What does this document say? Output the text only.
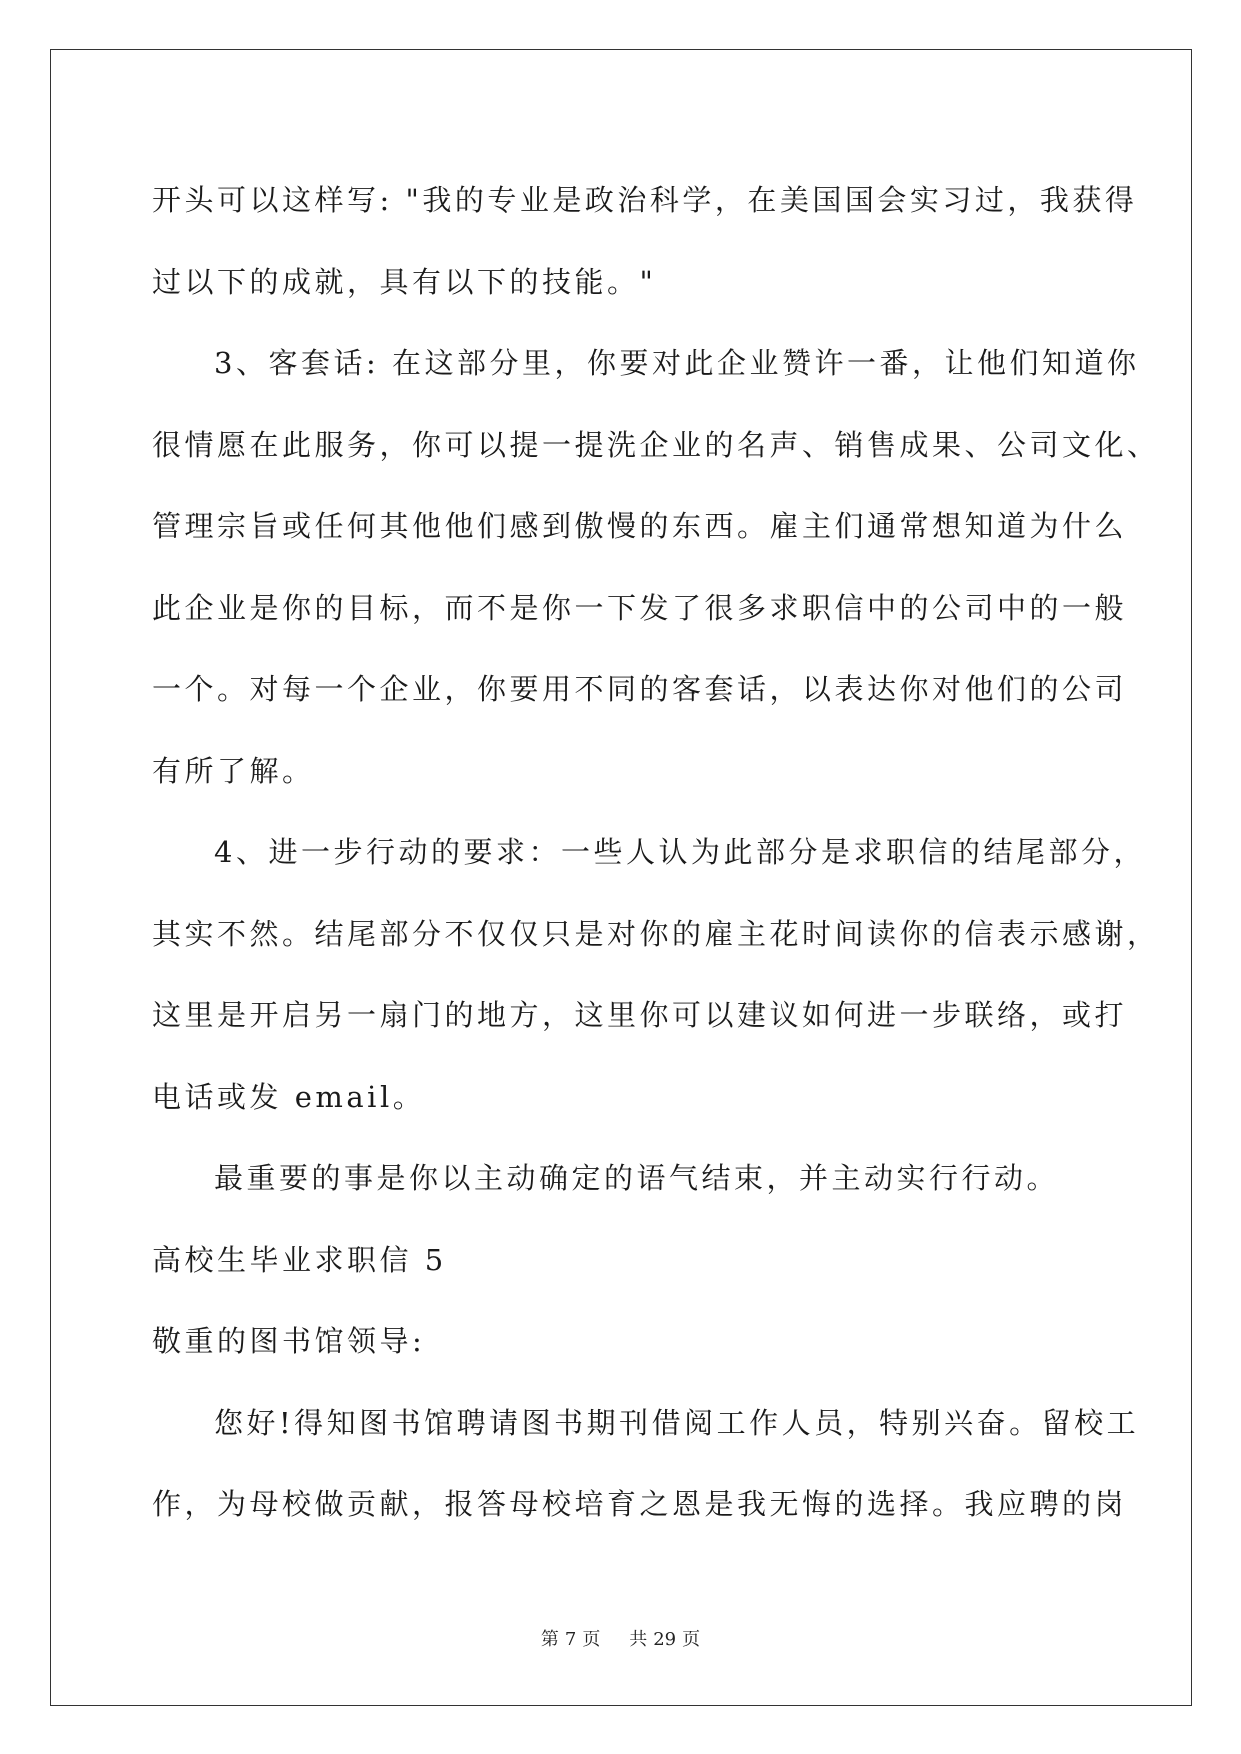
开头可以这样写: "我的专业是政治科学，在美国国会实习过，我获得
过以下的成就，具有以下的技能。"
3、客套话: 在这部分里，你要对此企业赞许一番，让他们知道你
很情愿在此服务，你可以提一提洗企业的名声、销售成果、公司文化、
管理宗旨或任何其他他们感到傲慢的东西。雇主们通常想知道为什么
此企业是你的目标，而不是你一下发了很多求职信中的公司中的一般
一个。对每一个企业，你要用不同的客套话，以表达你对他们的公司
有所了解。
4、进一步行动的要求：一些人认为此部分是求职信的结尾部分，
其实不然。结尾部分不仅仅只是对你的雇主花时间读你的信表示感谢，
这里是开启另一扇门的地方，这里你可以建议如何进一步联络，或打
电话或发 email。
最重要的事是你以主动确定的语气结束，并主动实行行动。
高校生毕业求职信 5
敬重的图书馆领导:
您好!得知图书馆聘请图书期刊借阅工作人员，特别兴奋。留校工
作，为母校做贡献，报答母校培育之恩是我无悔的选择。我应聘的岗
第 7 页 共 29 页
